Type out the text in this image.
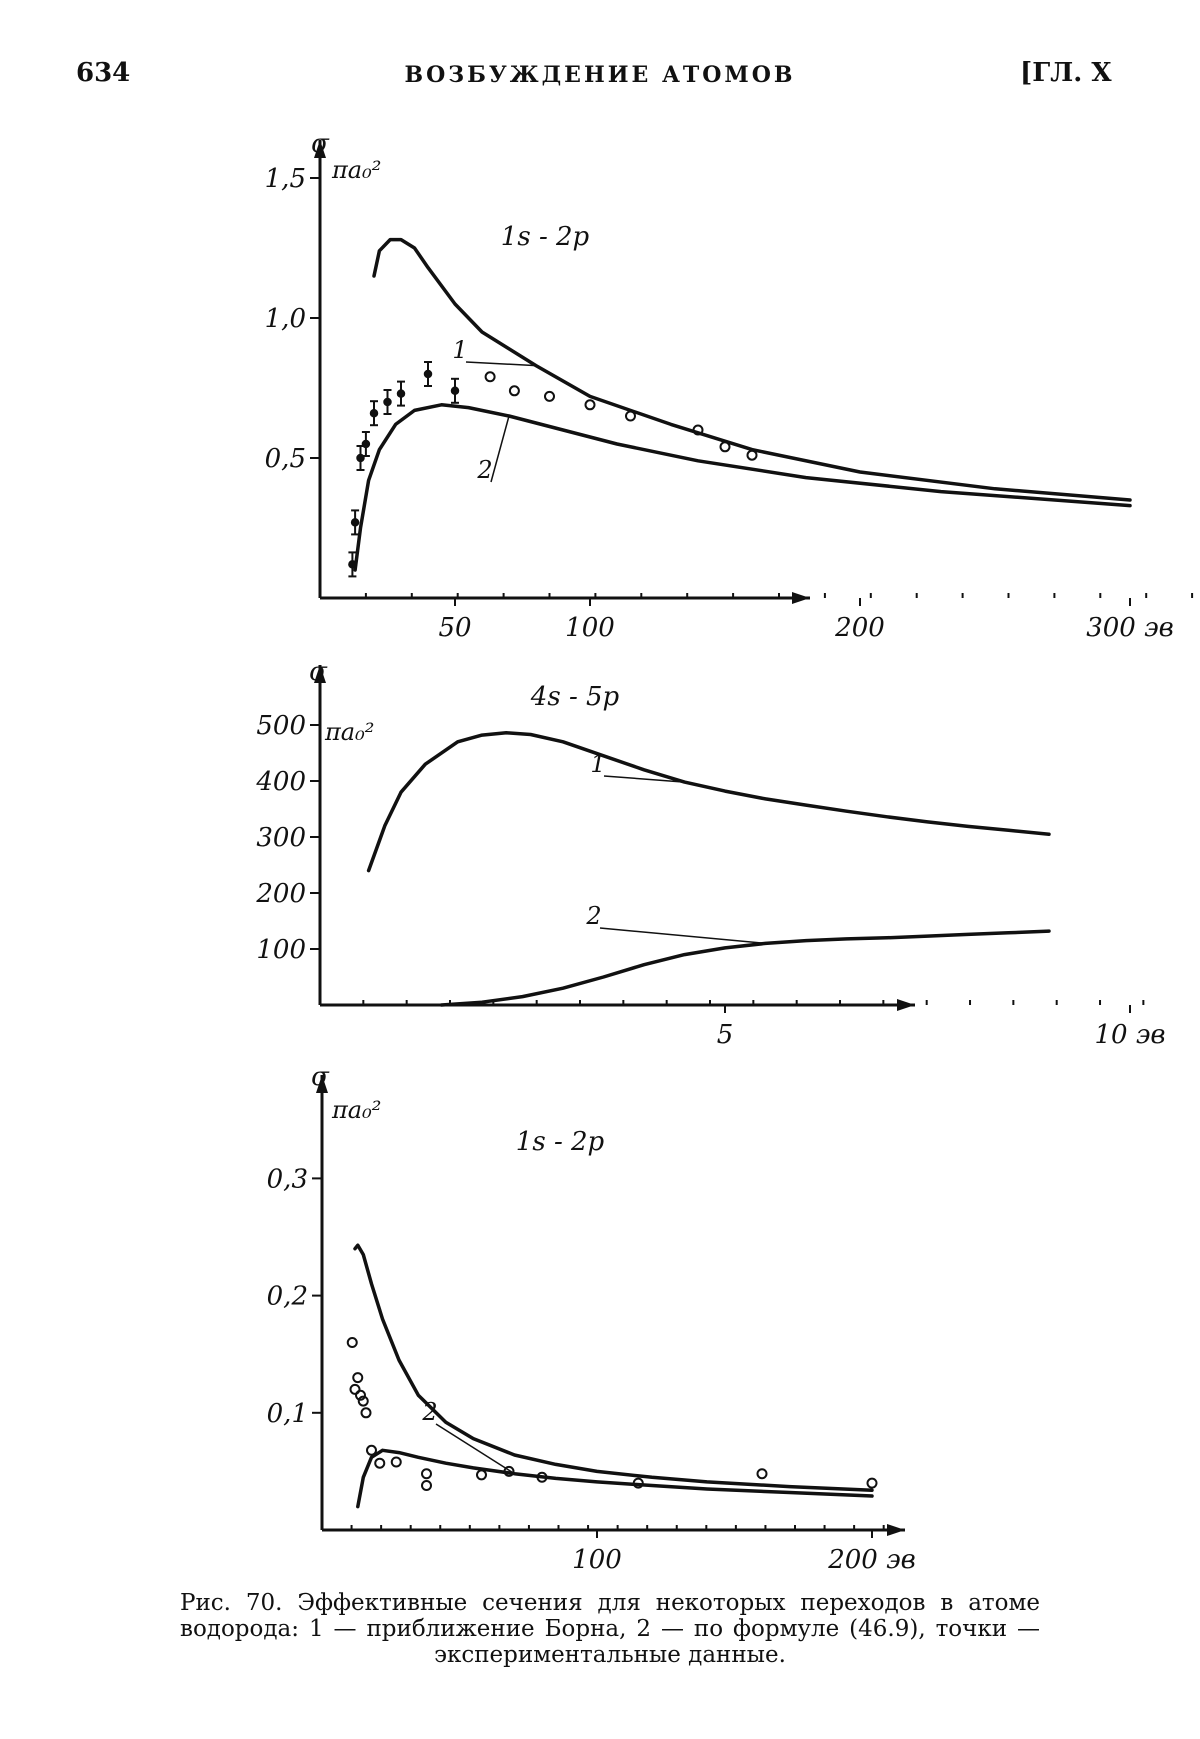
634	ВОЗБУЖДЕНИЕ АТОМОВ	[ГЛ. Х
0,5
1,0
1,5
50	100	200	300 эв
σ
πa₀²
1s - 2p
1
2
100
200
300
400
500
5	10 эв
σ
πa₀²
4s - 5p
1
2
0,1
0,2
0,3
100	200 эв
σ
πa₀²
1s - 2p
2
Рис. 70. Эффективные сечения для некоторых переходов в атоме водорода: 1 — приближение Борна, 2 — по формуле (46.9), точки — экспериментальные данные.
